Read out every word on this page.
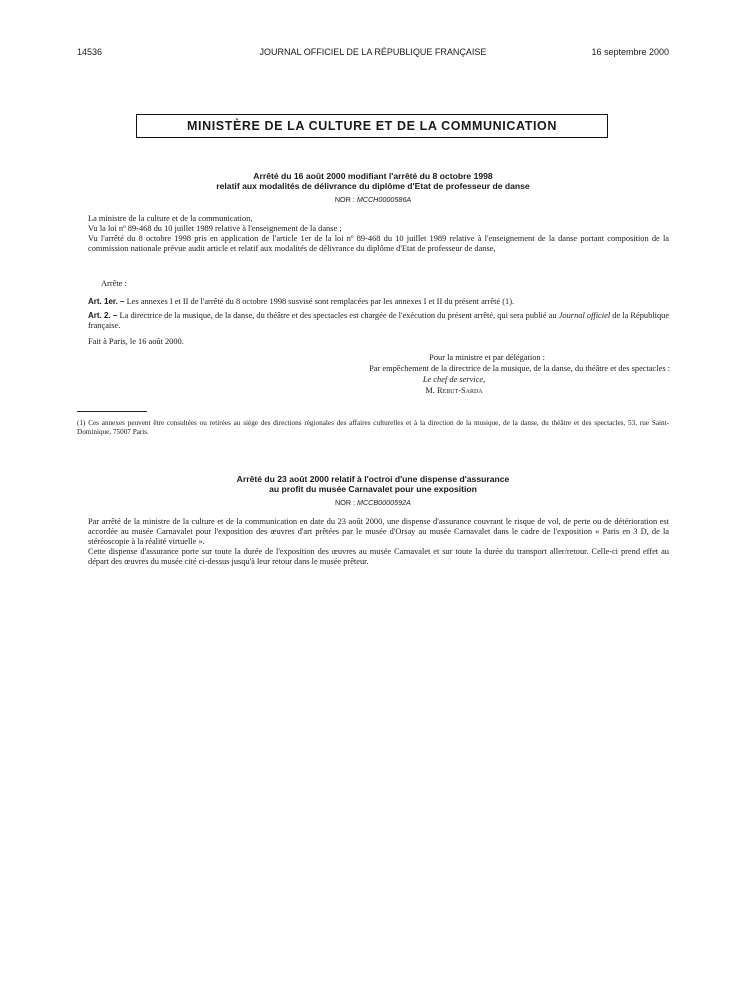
14536	JOURNAL OFFICIEL DE LA RÉPUBLIQUE FRANÇAISE	16 septembre 2000
MINISTÈRE DE LA CULTURE ET DE LA COMMUNICATION
Arrêté du 16 août 2000 modifiant l'arrêté du 8 octobre 1998
relatif aux modalités de délivrance du diplôme d'Etat de professeur de danse
NOR : MCCH0000586A
La ministre de la culture et de la communication,
Vu la loi nº 89-468 du 10 juillet 1989 relative à l'enseignement de la danse ;
Vu l'arrêté du 8 octobre 1998 pris en application de l'article 1er de la loi nº 89-468 du 10 juillet 1989 relative à l'enseignement de la danse portant composition de la commission nationale prévue audit article et relatif aux modalités de délivrance du diplôme d'Etat de professeur de danse,
Arrête :
Art. 1er. – Les annexes I et II de l'arrêté du 8 octobre 1998 susvisé sont remplacées par les annexes I et II du présent arrêté (1).
Art. 2. – La directrice de la musique, de la danse, du théâtre et des spectacles est chargée de l'exécution du présent arrêté, qui sera publié au Journal officiel de la République française.
Fait à Paris, le 16 août 2000.
Pour la ministre et par délégation :
Par empêchement de la directrice de la musique, de la danse, du théâtre et des spectacles :
Le chef de service,
M. Rebut-Sarda
(1) Ces annexes peuvent être consultées ou retirées au siège des directions régionales des affaires culturelles et à la direction de la musique, de la danse, du théâtre et des spectacles, 53, rue Saint-Dominique, 75007 Paris.
Arrêté du 23 août 2000 relatif à l'octroi d'une dispense d'assurance
au profit du musée Carnavalet pour une exposition
NOR : MCCB0000592A
Par arrêté de la ministre de la culture et de la communication en date du 23 août 2000, une dispense d'assurance couvrant le risque de vol, de perte ou de détérioration est accordée au musée Carnavalet pour l'exposition des œuvres d'art prêtées par le musée d'Orsay au musée Carnavalet dans le cadre de l'exposition « Paris en 3 D, de la stéréoscopie à la réalité virtuelle ».
Cette dispense d'assurance porte sur toute la durée de l'exposition des œuvres au musée Carnavalet et sur toute la durée du transport aller/retour. Celle-ci prend effet au départ des œuvres du musée cité ci-dessus jusqu'à leur retour dans le musée prêteur.
